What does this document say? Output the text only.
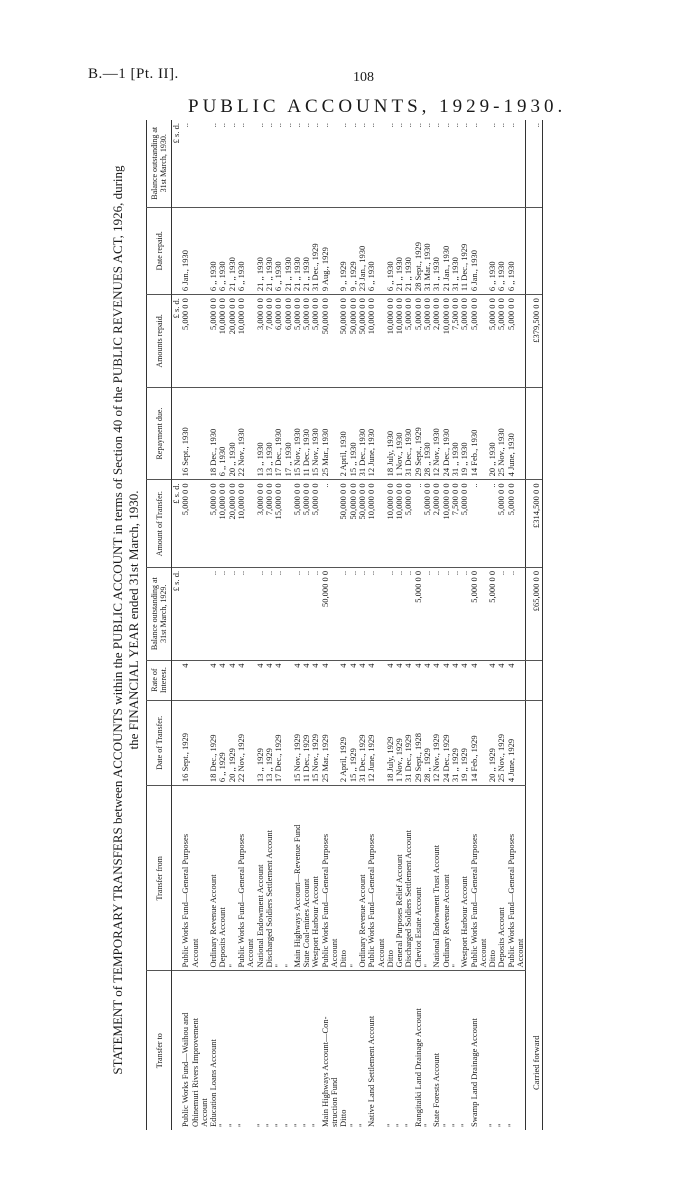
B.—1 [Pt. II].	108
PUBLIC ACCOUNTS, 1929-1930.
STATEMENT of TEMPORARY TRANSFERS between ACCOUNTS within the PUBLIC ACCOUNT in terms of Section 40 of the PUBLIC REVENUES ACT, 1926, during the FINANCIAL YEAR ended 31st March, 1930.
Transfer to	Transfer from	Date of Transfer.	Rate of Interest.	Balance outstanding at 31st March, 1929.	Amount of Transfer.	Repayment due.	Amounts repaid.	Date repaid.	Balance outstanding at 31st March, 1930.
				£ s. d.	£ s. d.		£ s. d.		£ s. d.
Public Works Fund—Waihou and	Public Works Fund—General Purposes	16 Sept., 1929	4		5,000 0 0	16 Sept., 1930	5,000 0 0	6 Jan., 1930	..
Ohinemuri Rivers Improvement	Account								
Account									
Education Loans Account	Ordinary Revenue Account	18 Dec., 1929	4	..	5,000 0 0	18 Dec., 1930	5,000 0 0	6 ,, 1930	..
"	Deposits Account	6 ,, 1929	4	..	10,000 0 0	6 ,, 1930	10,000 0 0	6 ,, 1930	..
"	"	20 ,, 1929	4	..	20,000 0 0	20 ,, 1930	20,000 0 0	21 ,, 1930	..
"	Public Works Fund—General Purposes	22 Nov., 1929	4	..	10,000 0 0	22 Nov., 1930	10,000 0 0	6 ,, 1930	..
	Account								
"	National Endowment Account	13 ,, 1929	4	..	3,000 0 0	13 ,, 1930	3,000 0 0	21 ,, 1930	..
"	Discharged Soldiers Settlement Account	13 ,, 1929	4	..	7,000 0 0	13 ,, 1930	7,000 0 0	21 ,, 1930	..
"	"	17 Dec., 1929	4	..	15,000 0 0	17 Dec., 1930	6,000 0 0	6 ,, 1930	..
"	"					17 ,, 1930	6,000 0 0	21 ,, 1930	..
"	Main Highways Account—Revenue Fund	15 Nov., 1929	4	..	5,000 0 0	15 Nov., 1930	5,000 0 0	21 ,, 1930	..
"	State Coal-mines Account	11 Dec., 1929	4	..	5,000 0 0	11 Dec., 1930	5,000 0 0	21 ,, 1930	..
"	Westport Harbour Account	15 Nov., 1929	4	..	5,000 0 0	15 Nov., 1930	5,000 0 0	31 Dec., 1929	..
Main Highways Account—Con-	Public Works Fund—General Purposes	25 Mar., 1929	4	50,000 0 0	..	25 Mar., 1930	50,000 0 0	9 Aug., 1929	..
struction Fund	Account								
Ditto	Ditto	2 April, 1929	4	..	50,000 0 0	2 April, 1930	50,000 0 0	9 ,, 1929	..
"	"	15 ,, 1929	4	..	50,000 0 0	15 ,, 1930	50,000 0 0	9 ,, 1929	..
"	Ordinary Revenue Account	31 Dec., 1929	4	..	50,000 0 0	31 Dec., 1930	50,000 0 0	23 Jan., 1930	..
Native Land Settlement Account	Public Works Fund—General Purposes	12 June, 1929	4	..	10,000 0 0	12 June, 1930	10,000 0 0	6 ,, 1930	..
	Account								
"	Ditto	18 July, 1929	4	..	10,000 0 0	18 July, 1930	10,000 0 0	6 ,, 1930	..
"	General Purposes Relief Account	1 Nov., 1929	4	..	10,000 0 0	1 Nov., 1930	10,000 0 0	21 ,, 1930	..
"	Discharged Soldiers Settlement Account	31 Dec., 1929	4	..	5,000 0 0	31 Dec., 1930	5,000 0 0	21 ,, 1930	..
Rangitaiki Land Drainage Account	Cheviot Estate Account	29 Sept., 1928	4	5,000 0 0	..	29 Sept., 1929	5,000 0 0	28 Sept., 1929	..
"	"	28 ,, 1929	4	..	5,000 0 0	28 ,, 1930	5,000 0 0	31 Mar., 1930	..
State Forests Account	National Endowment Trust Account	12 Nov., 1929	4	..	2,000 0 0	12 Nov., 1930	2,000 0 0	31 ,, 1930	..
"	Ordinary Revenue Account	24 Dec., 1929	4	..	10,000 0 0	24 Dec., 1930	10,000 0 0	21 Jan., 1930	..
"	"	31 ,, 1929	4	..	7,500 0 0	31 ,, 1930	7,500 0 0	31 ,, 1930	..
"	Westport Harbour Account	19 ,, 1929	4	..	5,000 0 0	19 ,, 1930	5,000 0 0	11 Dec., 1929	..
Swamp Land Drainage Account	Public Works Fund—General Purposes	14 Feb., 1929	4	5,000 0 0	..	14 Feb., 1930	5,000 0 0	6 Jan., 1930	..
	Account								
"	Ditto	20 ,, 1929	4	5,000 0 0	..	20 ,, 1930	5,000 0 0	6 ,, 1930	..
"	Deposits Account	25 Nov., 1929	4	..	5,000 0 0	25 Nov., 1930	5,000 0 0	6 ,, 1930	..
"	Public Works Fund—General Purposes	4 June, 1929	4	..	5,000 0 0	4 June, 1930	5,000 0 0	6 ,, 1930	..
	Account								
Carried forward				£65,000 0 0	£314,500 0 0		£379,500 0 0		..
